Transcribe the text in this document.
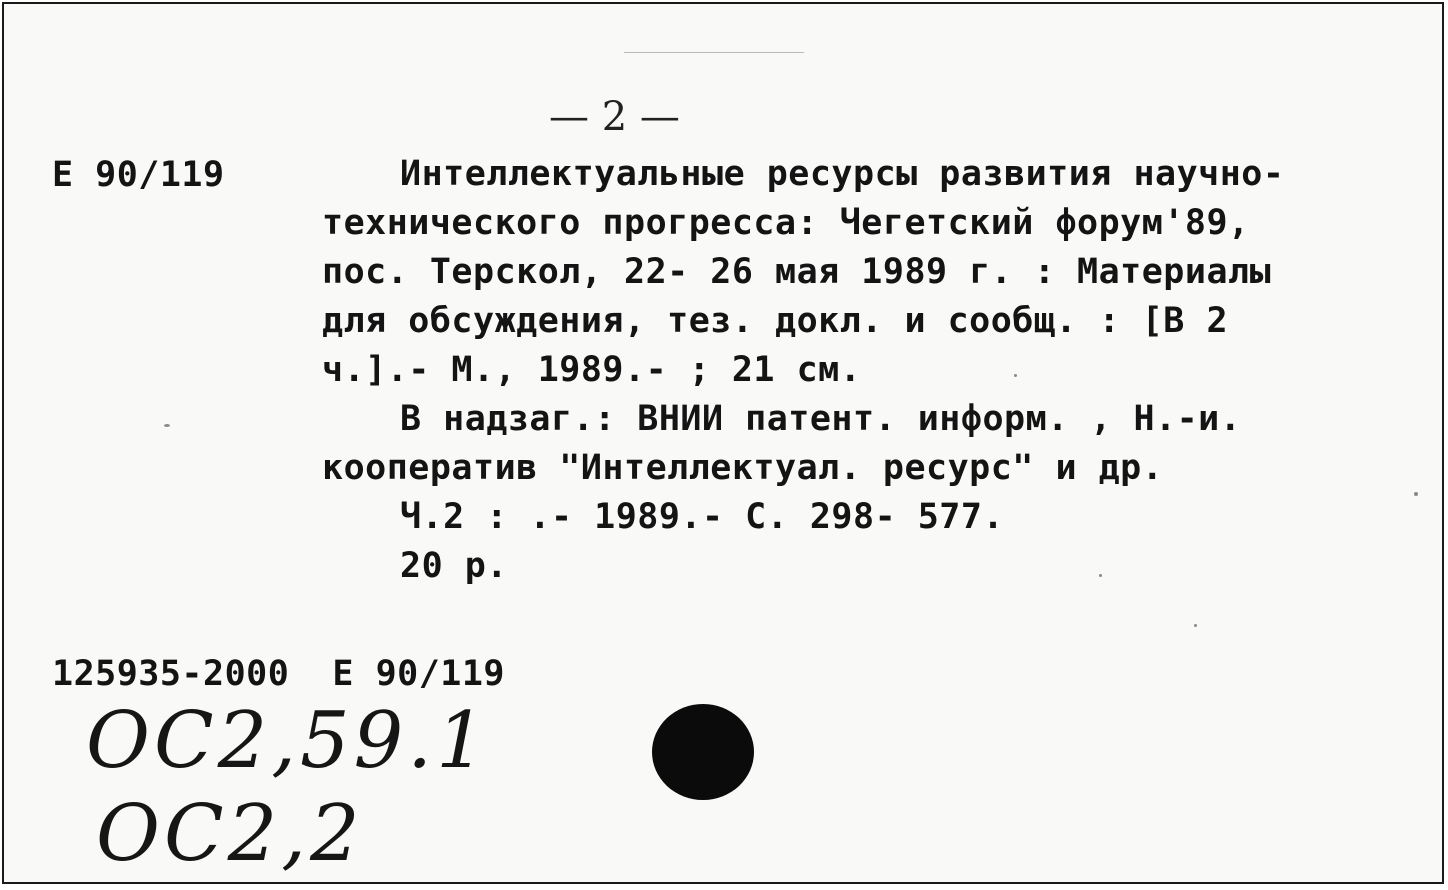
— 2 —
Е 90/119	Интеллектуальные ресурсы развития научно-
технического прогресса: Чегетский форум'89,
пос. Терскол, 22- 26 мая 1989 г. : Материалы
для обсуждения, тез. докл. и сообщ. : [В 2
ч.].- М., 1989.- ; 21 см.
В надзаг.: ВНИИ патент. информ. , Н.-и.
кооператив "Интеллектуал. ресурс" и др.
Ч.2 : .- 1989.- С. 298- 577.
20 р.
125935-2000  Е 90/119
ОС2,59.1
ОС2,2
